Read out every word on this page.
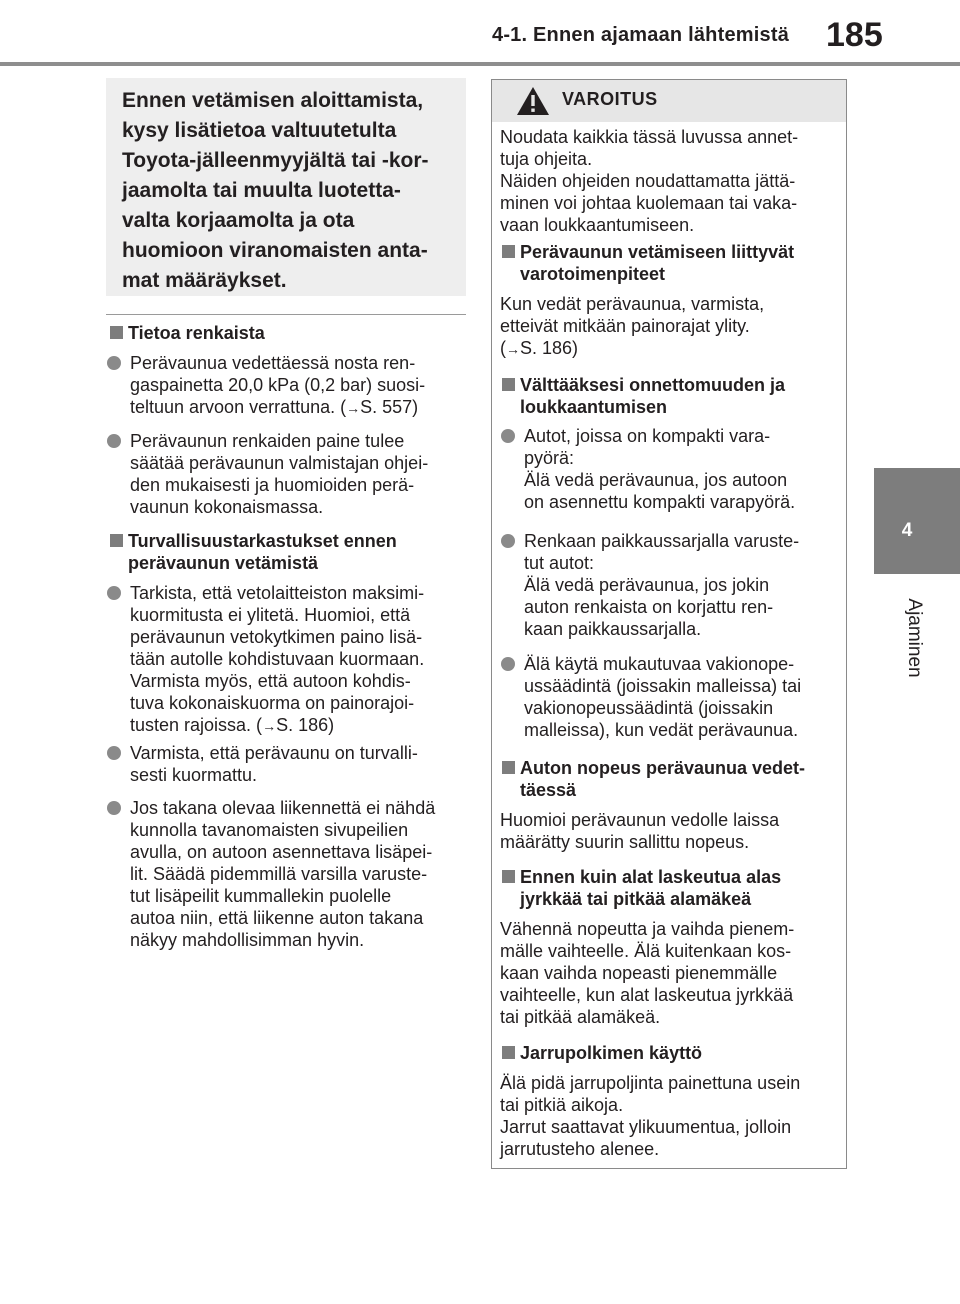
4-1. Ennen ajamaan lähtemistä 185
4
Ajaminen
Ennen vetämisen aloittamista,
kysy lisätietoa valtuutetulta
Toyota-jälleenmyyjältä tai -kor-
jaamolta tai muulta luotetta-
valta korjaamolta ja ota
huomioon viranomaisten anta-
mat määräykset.
Tietoa renkaista
Perävaunua vedettäessä nosta ren-
gaspainetta 20,0 kPa (0,2 bar) suosi-
teltuun arvoon verrattuna. (→S. 557)
Perävaunun renkaiden paine tulee
säätää perävaunun valmistajan ohjei-
den mukaisesti ja huomioiden perä-
vaunun kokonaismassa.
Turvallisuustarkastukset ennen
perävaunun vetämistä
Tarkista, että vetolaitteiston maksimi-
kuormitusta ei ylitetä. Huomioi, että
perävaunun vetokytkimen paino lisä-
tään autolle kohdistuvaan kuormaan.
Varmista myös, että autoon kohdis-
tuva kokonaiskuorma on painorajoi-
tusten rajoissa. (→S. 186)
Varmista, että perävaunu on turvalli-
sesti kuormattu.
Jos takana olevaa liikennettä ei nähdä
kunnolla tavanomaisten sivupeilien
avulla, on autoon asennettava lisäpei-
lit. Säädä pidemmillä varsilla varuste-
tut lisäpeilit kummallekin puolelle
autoa niin, että liikenne auton takana
näkyy mahdollisimman hyvin.
VAROITUS
Noudata kaikkia tässä luvussa annet-
tuja ohjeita.
Näiden ohjeiden noudattamatta jättä-
minen voi johtaa kuolemaan tai vaka-
vaan loukkaantumiseen.
Perävaunun vetämiseen liittyvät
varotoimenpiteet
Kun vedät perävaunua, varmista,
etteivät mitkään painorajat ylity.
(→S. 186)
Välttääksesi onnettomuuden ja
loukkaantumisen
Autot, joissa on kompakti vara-
pyörä:
Älä vedä perävaunua, jos autoon
on asennettu kompakti varapyörä.
Renkaan paikkaussarjalla varuste-
tut autot:
Älä vedä perävaunua, jos jokin
auton renkaista on korjattu ren-
kaan paikkaussarjalla.
Älä käytä mukautuvaa vakionope-
ussäädintä (joissakin malleissa) tai
vakionopeussäädintä (joissakin
malleissa), kun vedät perävaunua.
Auton nopeus perävaunua vedet-
täessä
Huomioi perävaunun vedolle laissa
määrätty suurin sallittu nopeus.
Ennen kuin alat laskeutua alas
jyrkkää tai pitkää alamäkeä
Vähennä nopeutta ja vaihda pienem-
mälle vaihteelle. Älä kuitenkaan kos-
kaan vaihda nopeasti pienemmälle
vaihteelle, kun alat laskeutua jyrkkää
tai pitkää alamäkeä.
Jarrupolkimen käyttö
Älä pidä jarrupoljinta painettuna usein
tai pitkiä aikoja.
Jarrut saattavat ylikuumentua, jolloin
jarrutusteho alenee.
